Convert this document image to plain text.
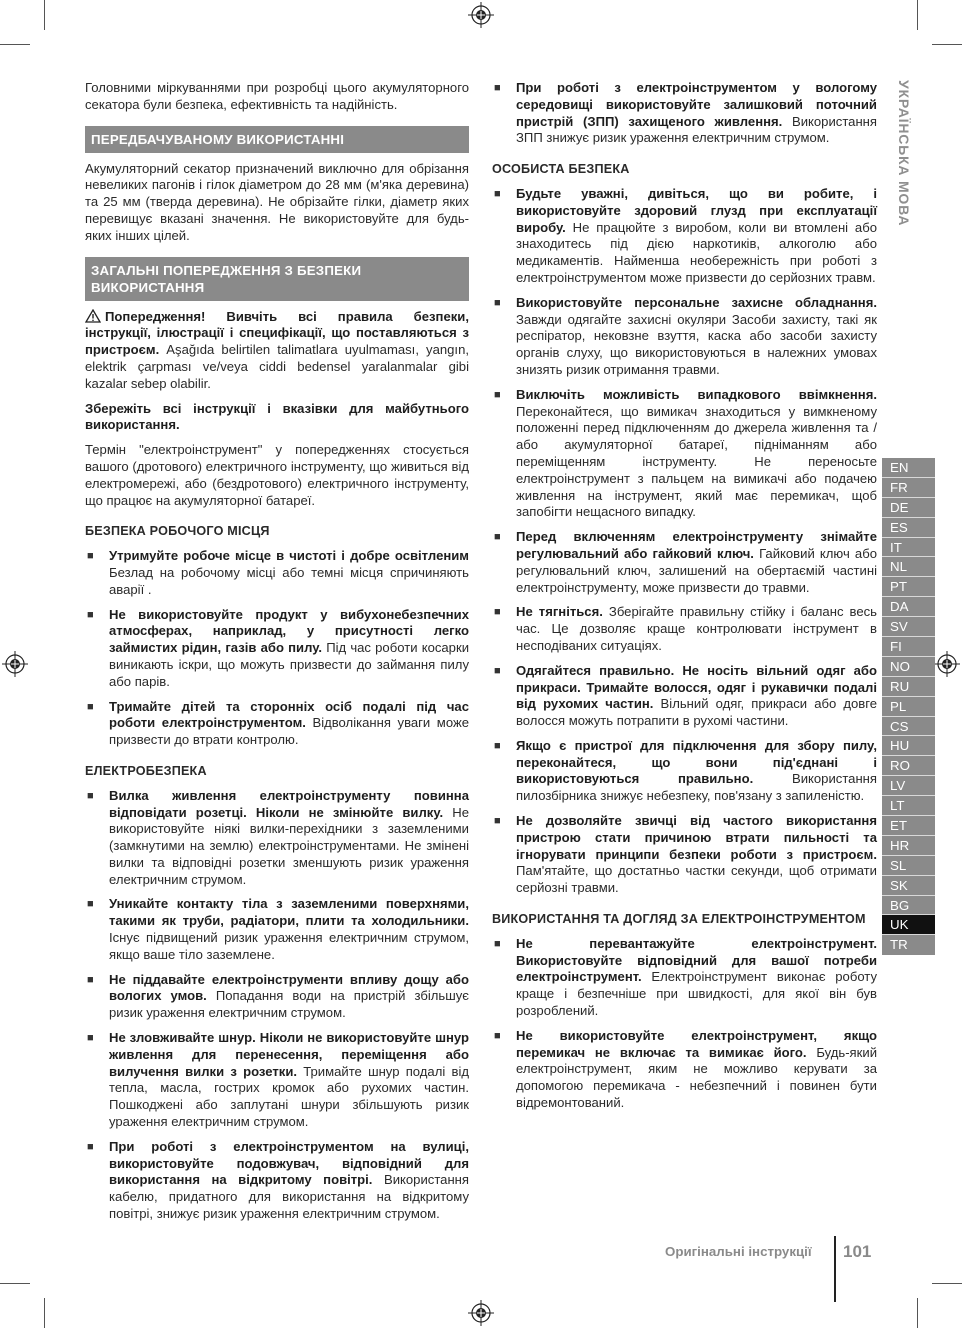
Головними міркуваннями при розробці цього акумуляторного секатора були безпека, ефективність та надійність.

ПЕРЕДБАЧУВАНОМУ ВИКОРИСТАННІ

Акумуляторний секатор призначений виключно для обрізання невеликих пагонів і гілок діаметром до 28 мм (м'яка деревина) та 25 мм (тверда деревина). Не обрізайте гілки, діаметр яких перевищує вказані значення. Не використовуйте для будь-яких інших цілей.

ЗАГАЛЬНІ ПОПЕРЕДЖЕННЯ З БЕЗПЕКИ ВИКОРИСТАННЯ

Попередження! Вивчіть всі правила безпеки, інструкції, ілюстрації і специфікації, що поставляються з пристроєм. Aşağıda belirtilen talimatlara uyulmaması, yangın, elektrik çarpması ve/veya ciddi bedensel yaralanmalar gibi kazalar sebep olabilir.

Збережіть всі інструкції і вказівки для майбутнього використання.

Термін "електроінструмент" у попередженнях стосується вашого (дротового) електричного інструменту, що живиться від електромережі, або (бездротового) електричного інструменту, що працює на акумуляторної батареї.

БЕЗПЕКА РОБОЧОГО МІСЦЯ
■ Утримуйте робоче місце в чистоті і добре освітленим Безлад на робочому місці або темні місця спричиняють аварії .
■ Не використовуйте продукт у вибухонебезпечних атмосферах, наприклад, у присутності легко займистих рідин, газів або пилу. Під час роботи косарки виникають іскри, що можуть призвести до займання пилу або парів.
■ Тримайте дітей та сторонніх осіб подалі під час роботи електроінструментом. Відволікання уваги може призвести до втрати контролю.
ЕЛЕКТРОБЕЗПЕКА
■ Вилка живлення електроінструменту повинна відповідати розетці. Ніколи не змінюйте вилку. Не використовуйте ніякі вилки-перехідники з заземленими (замкнутими на землю) електроінструментами. Не змінені вилки та відповідні розетки зменшують ризик ураження електричним струмом.
■ Уникайте контакту тіла з заземленими поверхнями, такими як труби, радіатори, плити та холодильники. Існує підвищений ризик ураження електричним струмом, якщо ваше тіло заземлене.
■ Не піддавайте електроінструменти впливу дощу або вологих умов. Попадання води на пристрій збільшує ризик ураження електричним струмом.
■ Не зловживайте шнур. Ніколи не використовуйте шнур живлення для перенесення, переміщення або вилучення вилки з розетки. Тримайте шнур подалі від тепла, масла, гострих кромок або рухомих частин. Пошкоджені або заплутані шнури збільшують ризик ураження електричним струмом.
■ При роботі з електроінструментом на вулиці, використовуйте подовжувач, відповідний для використання на відкритому повітрі. Використання кабелю, придатного для використання на відкритому повітрі, знижує ризик ураження електричним струмом.
■ При роботі з електроінструментом у вологому середовищі використовуйте залишковий поточний пристрій (ЗПП) захищеного живлення. Використання ЗПП знижує ризик ураження електричним струмом.
ОСОБИСТА БЕЗПЕКА
■ Будьте уважні, дивіться, що ви робите, і використовуйте здоровий глузд при експлуатації виробу. Не працюйте з виробом, коли ви втомлені або знаходитесь під дією наркотиків, алкоголю або медикаментів. Найменша необережність при роботі з електроінструментом може призвести до серйозних травм.
■ Використовуйте персональне захисне обладнання. Завжди одягайте захисні окуляри Засоби захисту, такі як респіратор, нековзне взуття, каска або засоби захисту органів слуху, що використовуються в належних умовах знизять ризик отримання травми.
■ Виключіть можливість випадкового ввімкнення. Переконайтеся, що вимикач знаходиться у вимкненому положенні перед підключенням до джерела живлення та / або акумуляторної батареї, підніманням або переміщенням інструменту. Не переносьте електроінструмент з пальцем на вимикачі або подачею живлення на інструмент, який має перемикач, щоб запобігти нещасного випадку.
■ Перед включенням електроінструменту знімайте регулювальний або гайковий ключ. Гайковий ключ або регулювальний ключ, залишений на обертаємій частині електроінструменту, може призвести до травми.
■ Не тягніться. Зберігайте правильну стійку і баланс весь час. Це дозволяє краще контролювати інструмент в несподіваних ситуаціях.
■ Одягайтеся правильно. Не носіть вільний одяг або прикраси. Тримайте волосся, одяг і рукавички подалі від рухомих частин. Вільний одяг, прикраси або довге волосся можуть потрапити в рухомі частини.
■ Якщо є пристрої для підключення для збору пилу, переконайтеся, що вони під'єднані і використовуються правильно. Використання пилозбірника знижує небезпеку, пов'язану з запиленістю.
■ Не дозволяйте звичці від частого використання пристрою стати причиною втрати пильності та ігнорувати принципи безпеки роботи з пристроєм. Пам'ятайте, що достатньо частки секунди, щоб отримати серйозні травми.
ВИКОРИСТАННЯ ТА ДОГЛЯД ЗА ЕЛЕКТРОІНСТРУМЕНТОМ
■ Не перевантажуйте електроінструмент. Використовуйте відповідний для вашої потреби електроінструмент. Електроінструмент виконає роботу краще і безпечніше при швидкості, для якої він був розроблений.
■ Не використовуйте електроінструмент, якщо перемикач не включає та вимикає його. Будь-який електроінструмент, яким не можливо керувати за допомогою перемикача - небезпечний і повинен бути відремонтований.
УКРАЇНСЬКА МОВА
EN
FR
DE
ES
IT
NL
PT
DA
SV
FI
NO
RU
PL
CS
HU
RO
LV
LT
ET
HR
SL
SK
BG
UK
TR
Оригінальні інструкції 101
